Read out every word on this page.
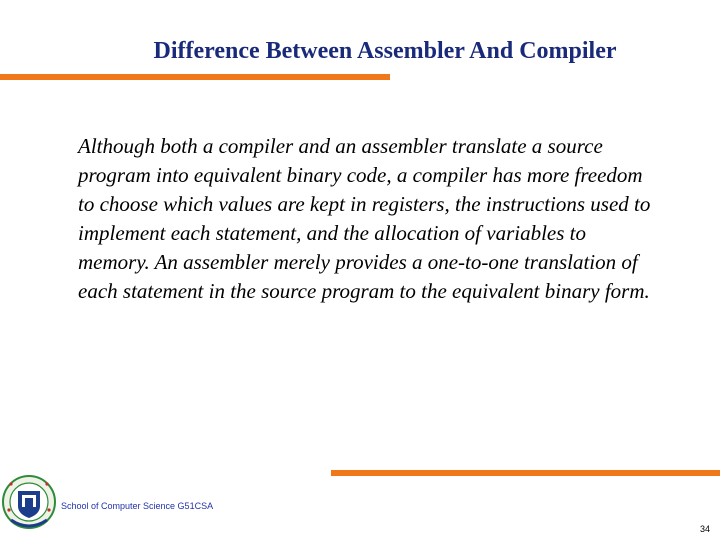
Difference Between Assembler And Compiler
Although both a compiler and an assembler translate a source program into equivalent binary code, a compiler has more freedom to choose which values are kept in registers, the instructions used to implement each statement, and the allocation of variables to memory. An assembler merely provides a one-to-one translation of each statement in the source program to the equivalent binary form.
School of Computer Science G51CSA
34
